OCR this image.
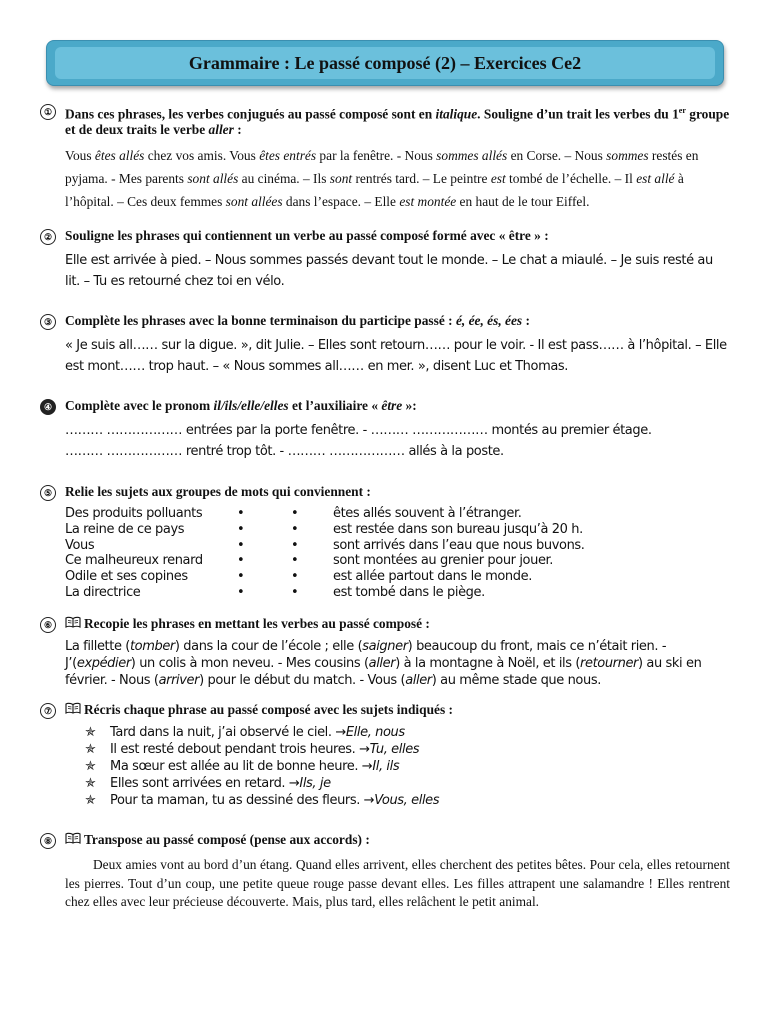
Grammaire : Le passé composé (2) – Exercices Ce2
① Dans ces phrases, les verbes conjugués au passé composé sont en italique. Souligne d’un trait les verbes du 1er groupe et de deux traits le verbe aller :
Vous êtes allés chez vos amis. Vous êtes entrés par la fenêtre. - Nous sommes allés en Corse. – Nous sommes restés en pyjama. - Mes parents sont allés au cinéma. – Ils sont rentrés tard. – Le peintre est tombé de l’échelle. – Il est allé à l’hôpital. – Ces deux femmes sont allées dans l’espace. – Elle est montée en haut de le tour Eiffel.
② Souligne les phrases qui contiennent un verbe au passé composé formé avec « être » :
Elle est arrivée à pied. – Nous sommes passés devant tout le monde. – Le chat a miaulé. – Je suis resté au lit. – Tu es retourné chez toi en vélo.
③ Complète les phrases avec la bonne terminaison du participe passé : é, ée, és, ées :
« Je suis all…… sur la digue. », dit Julie. – Elles sont retourn…… pour le voir. - Il est pass…… à l’hôpital. – Elle est mont…… trop haut. – « Nous sommes all…… en mer. », disent Luc et Thomas.
④ Complète avec le pronom il/ils/elle/elles et l’auxiliaire « être »:
……… ……………… entrées par la porte fenêtre. - ……… ……………… montés au premier étage.
……… ……………… rentré trop tôt. - ……… ……………… allés à la poste.
⑤ Relie les sujets aux groupes de mots qui conviennent :
Des produits polluants	•	•	êtes allés souvent à l’étranger.
La reine de ce pays	•	•	est restée dans son bureau jusqu’à 20 h.
Vous	•	•	sont arrivés dans l’eau que nous buvons.
Ce malheureux renard	•	•	sont montées au grenier pour jouer.
Odile et ses copines	•	•	est allée partout dans le monde.
La directrice	•	•	est tombé dans le piège.
⑥	Recopie les phrases en mettant les verbes au passé composé :
La fillette (tomber) dans la cour de l’école ; elle (saigner) beaucoup du front, mais ce n’était rien. - J’(expédier) un colis à mon neveu. - Mes cousins (aller) à la montagne à Noël, et ils (retourner) au ski en février. - Nous (arriver) pour le début du match. - Vous (aller) au même stade que nous.
⑦	Récris chaque phrase au passé composé avec les sujets indiqués :
✯	Tard dans la nuit, j’ai observé le ciel. → Elle, nous
✯	Il est resté debout pendant trois heures. → Tu, elles
✯	Ma sœur est allée au lit de bonne heure. → Il, ils
✯	Elles sont arrivées en retard. → Ils, je
✯	Pour ta maman, tu as dessiné des fleurs. → Vous, elles
⑧	Transpose au passé composé (pense aux accords) :
Deux amies vont au bord d’un étang. Quand elles arrivent, elles cherchent des petites bêtes. Pour cela, elles retournent les pierres. Tout d’un coup, une petite queue rouge passe devant elles. Les filles attrapent une salamandre ! Elles rentrent chez elles avec leur précieuse découverte. Mais, plus tard, elles relâchent le petit animal.
